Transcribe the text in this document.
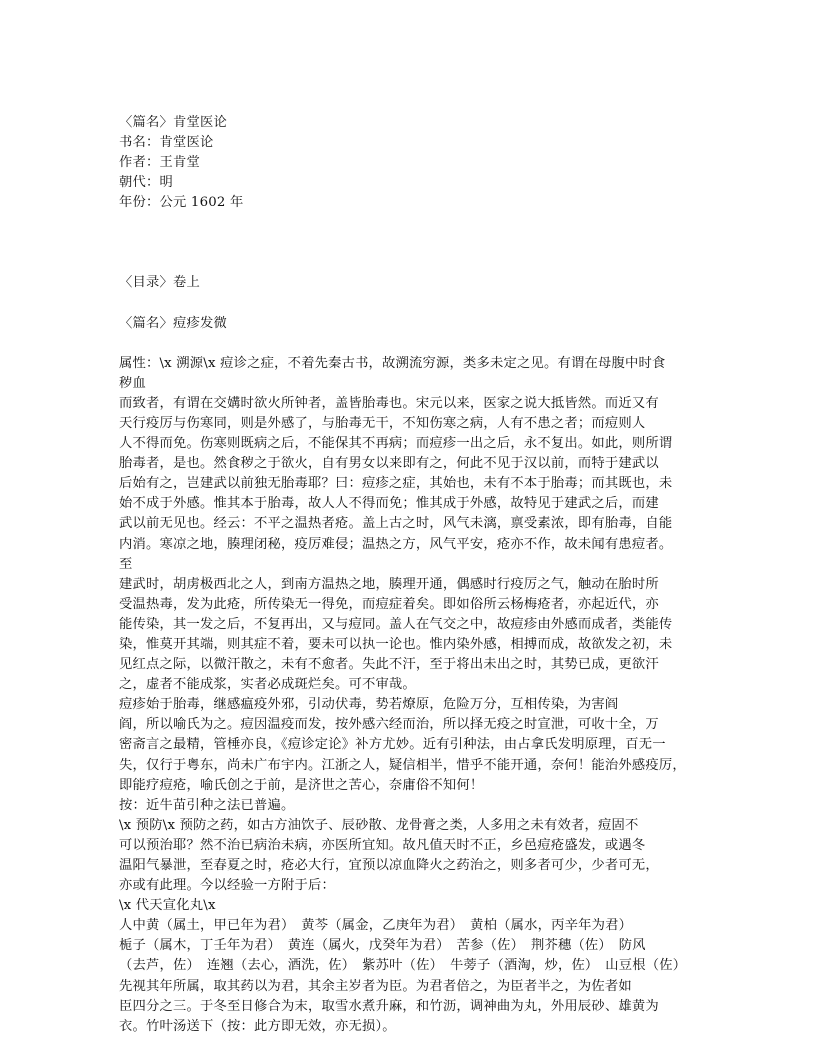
〈篇名〉肯堂医论
书名：肯堂医论
作者：王肯堂
朝代：明
年份：公元 1602 年
〈目录〉卷上
〈篇名〉痘疹发微
属性：\x 溯源\x 痘诊之症，不着先秦古书，故溯流穷源，类多未定之见。有谓在母腹中时食
秽血
而致者，有谓在交媾时欲火所钟者，盖皆胎毒也。宋元以来，医家之说大抵皆然。而近又有
天行疫厉与伤寒同，则是外感了，与胎毒无干，不知伤寒之病，人有不患之者；而痘则人
人不得而免。伤寒则既病之后，不能保其不再病；而痘疹一出之后，永不复出。如此，则所谓
胎毒者，是也。然食秽之于欲火，自有男女以来即有之，何此不见于汉以前，而特于建武以
后始有之，岂建武以前独无胎毒耶？曰：痘疹之症，其始也，未有不本于胎毒；而其既也，未
始不成于外感。惟其本于胎毒，故人人不得而免；惟其成于外感，故特见于建武之后，而建
武以前无见也。经云：不平之温热者疮。盖上古之时，风气未漓，禀受素浓，即有胎毒，自能
内消。寒凉之地，腠理闭秘，疫厉难侵；温热之方，风气平安，疮亦不作，故未闻有患痘者。
至
建武时，胡虏极西北之人，到南方温热之地，腠理开通，偶感时行疫厉之气，触动在胎时所
受温热毒，发为此疮，所传染无一得免，而痘症着矣。即如俗所云杨梅疮者，亦起近代，亦
能传染，其一发之后，不复再出，又与痘同。盖人在气交之中，故痘疹由外感而成者，类能传
染，惟莫开其端，则其症不着，要未可以执一论也。惟内染外感，相搏而成，故欲发之初，未
见红点之际，以微汗散之，未有不愈者。失此不汗，至于将出未出之时，其势已成，更欲汗
之，虚者不能成浆，实者必成斑烂矣。可不审哉。
痘疹始于胎毒，继感瘟疫外邪，引动伏毒，势若燎原，危险万分，互相传染，为害阎
阎，所以喻氏为之。痘因温疫而发，按外感六经而治，所以择无疫之时宣泄，可收十全，万
密斋言之最精，管棰亦良，《痘诊定论》补方尤妙。近有引种法，由占拿氏发明原理，百无一
失，仅行于粤东，尚未广布宇内。江浙之人，疑信相半，惜乎不能开通，奈何！能治外感疫厉，
即能疗痘疮，喻氏创之于前，是济世之苦心，奈庸俗不知何！
按：近牛苗引种之法已普遍。
\x 预防\x 预防之药，如古方油饮子、辰砂散、龙骨膏之类，人多用之未有效者，痘固不
可以预治耶？然不治已病治未病，亦医所宜知。故凡值天时不正，乡邑痘疮盛发，或遇冬
温阳气暴泄，至春夏之时，疮必大行，宜预以凉血降火之药治之，则多者可少，少者可无，
亦或有此理。今以经验一方附于后：
\x 代天宣化丸\x
人中黄（属土，甲已年为君）　黄芩（属金，乙庚年为君）　黄柏（属水，丙辛年为君）
栀子（属木，丁壬年为君）　黄连（属火，戊癸年为君）　苦参（佐）　荆芥穗（佐）　防风
（去芦，佐）　连翘（去心，酒洗，佐）　紫苏叶（佐）　牛蒡子（酒淘，炒，佐）　山豆根（佐）
先视其年所属，取其药以为君，其余主岁者为臣。为君者倍之，为臣者半之，为佐者如
臣四分之三。于冬至日修合为末，取雪水煮升麻，和竹沥，调神曲为丸，外用辰砂、雄黄为
衣。竹叶汤送下（按：此方即无效，亦无损）。
